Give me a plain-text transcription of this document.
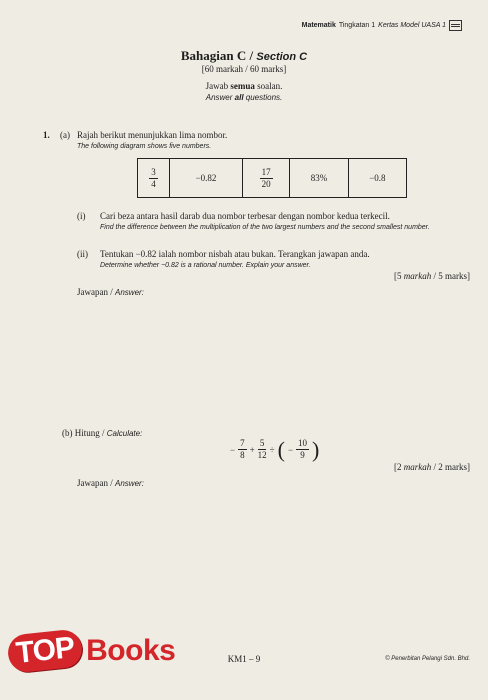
Matematik Tingkatan 1 Kertas Model UASA 1
Bahagian C / Section C
[60 markah / 60 marks]
Jawab semua soalan.
Answer all questions.
1. (a) Rajah berikut menunjukkan lima nombor.
The following diagram shows five numbers.
$\frac{3}{4}$	−0.82	$\frac{17}{20}$	83%	−0.8
(i) Cari beza antara hasil darab dua nombor terbesar dengan nombor kedua terkecil.
Find the difference between the multiplication of the two largest numbers and the second smallest number.
(ii) Tentukan −0.82 ialah nombor nisbah atau bukan. Terangkan jawapan anda.
Determine whether −0.82 is a rational number. Explain your answer.
[5 markah / 5 marks]
Jawapan / Answer:
(b) Hitung / Calculate:
− $\frac{7}{8} + \frac{5}{12}$ ÷ ( − $\frac{10}{9}$ )
[2 markah / 2 marks]
Jawapan / Answer:
TOP Books	KM1 – 9	© Penerbitan Pelangi Sdn. Bhd.
